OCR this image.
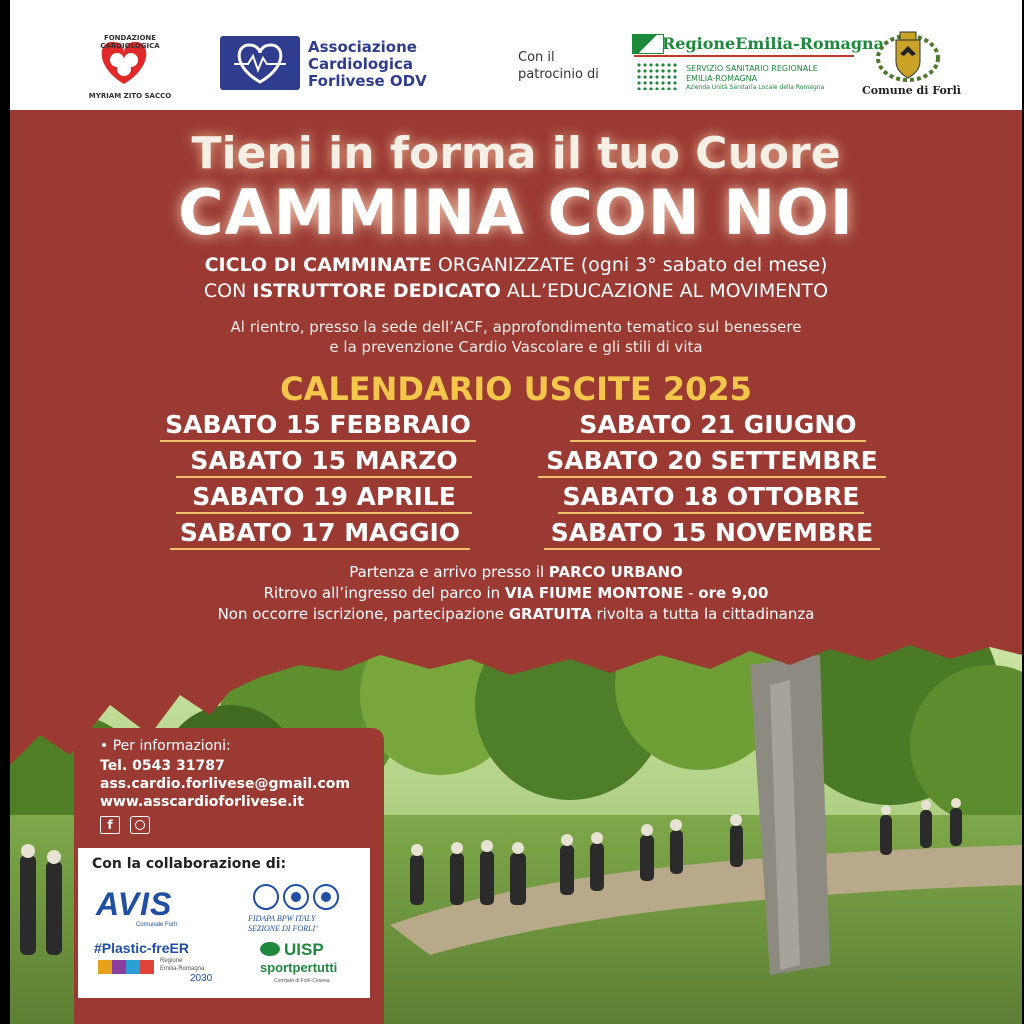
FONDAZIONE CARDIOLOGICA
MYRIAM ZITO SACCO
Associazione
Cardiologica
Forlivese ODV
Con il
patrocinio di
RegioneEmilia-Romagna
SERVIZIO SANITARIO REGIONALE
EMILIA-ROMAGNA
Azienda Unità Sanitaria Locale della Romagna	Comune di Forlì
Tieni in forma il tuo Cuore
CAMMINA CON NOI
CICLO DI CAMMINATE ORGANIZZATE (ogni 3° sabato del mese)
CON ISTRUTTORE DEDICATO ALL’EDUCAZIONE AL MOVIMENTO
Al rientro, presso la sede dell’ACF, approfondimento tematico sul benessere
e la prevenzione Cardio Vascolare e gli stili di vita
CALENDARIO USCITE 2025
SABATO 15 FEBBRAIO
SABATO 15 MARZO
SABATO 19 APRILE
SABATO 17 MAGGIO
SABATO 21 GIUGNO
SABATO 20 SETTEMBRE
SABATO 18 OTTOBRE
SABATO 15 NOVEMBRE
Partenza e arrivo presso il PARCO URBANO
Ritrovo all’ingresso del parco in VIA FIUME MONTONE - ore 9,00
Non occorre iscrizione, partecipazione GRATUITA rivolta a tutta la cittadinanza
• Per informazioni:
Tel. 0543 31787
ass.cardio.forlivese@gmail.com
www.asscardioforlivese.it
f
Con la collaborazione di:
AVIS
Comunale Forlì
FIDAPA BPW ITALY
SEZIONE DI FORLI’
#Plastic-freER
Regione
Emilia-Romagna
2030
UISP
sportpertutti
Comitato di Forlì-Cesena
